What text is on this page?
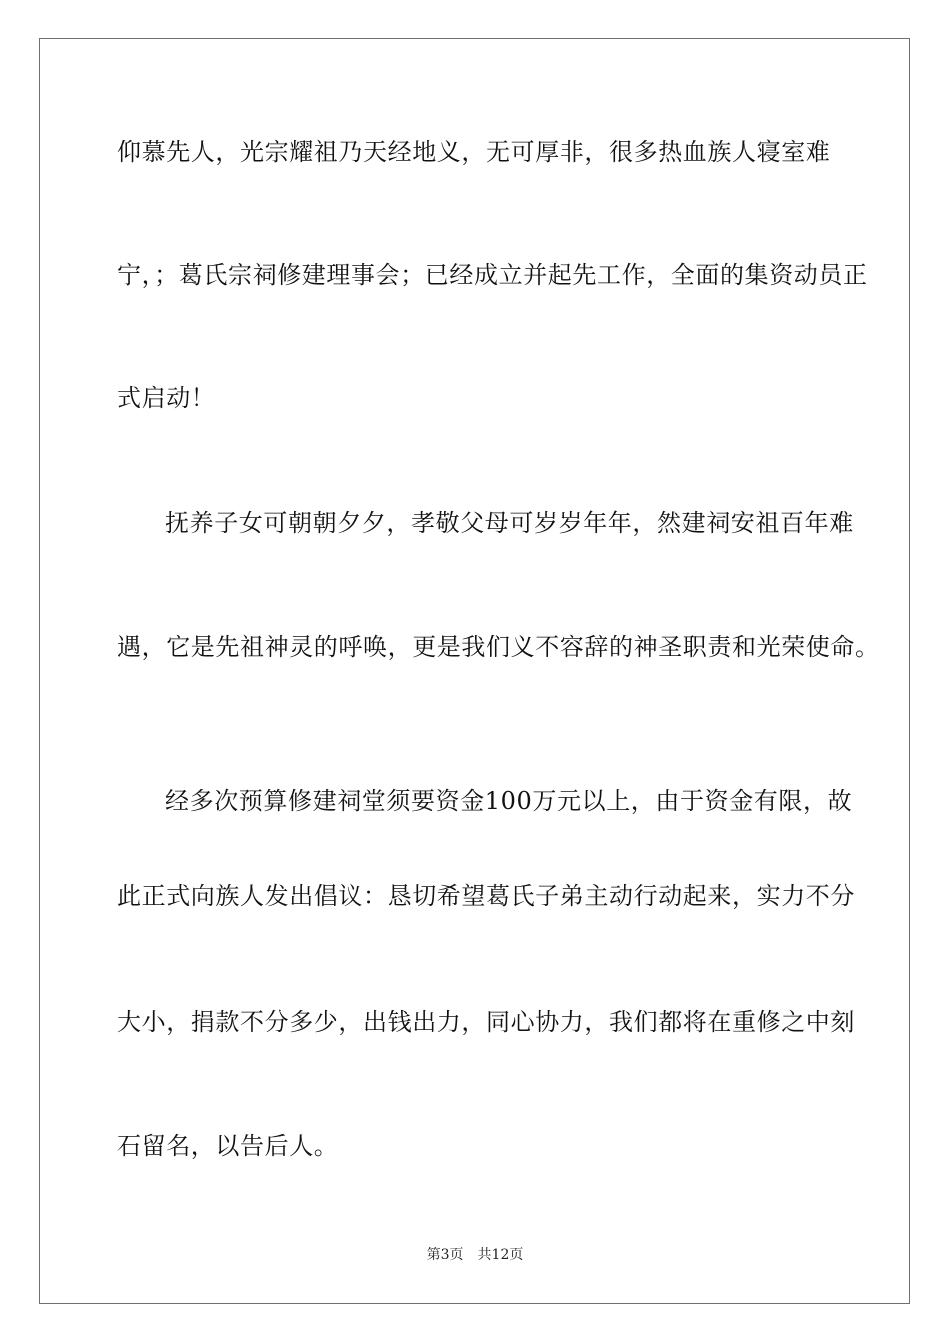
仰慕先人，光宗耀祖乃天经地义，无可厚非，很多热血族人寝室难
宁，；葛氏宗祠修建理事会；已经成立并起先工作，全面的集资动员正
式启动！
抚养子女可朝朝夕夕，孝敬父母可岁岁年年，然建祠安祖百年难
遇，它是先祖神灵的呼唤，更是我们义不容辞的神圣职责和光荣使命。
经多次预算修建祠堂须要资金100万元以上，由于资金有限，故
此正式向族人发出倡议：恳切希望葛氏子弟主动行动起来，实力不分
大小，捐款不分多少，出钱出力，同心协力，我们都将在重修之中刻
石留名，以告后人。
第3页　共12页
